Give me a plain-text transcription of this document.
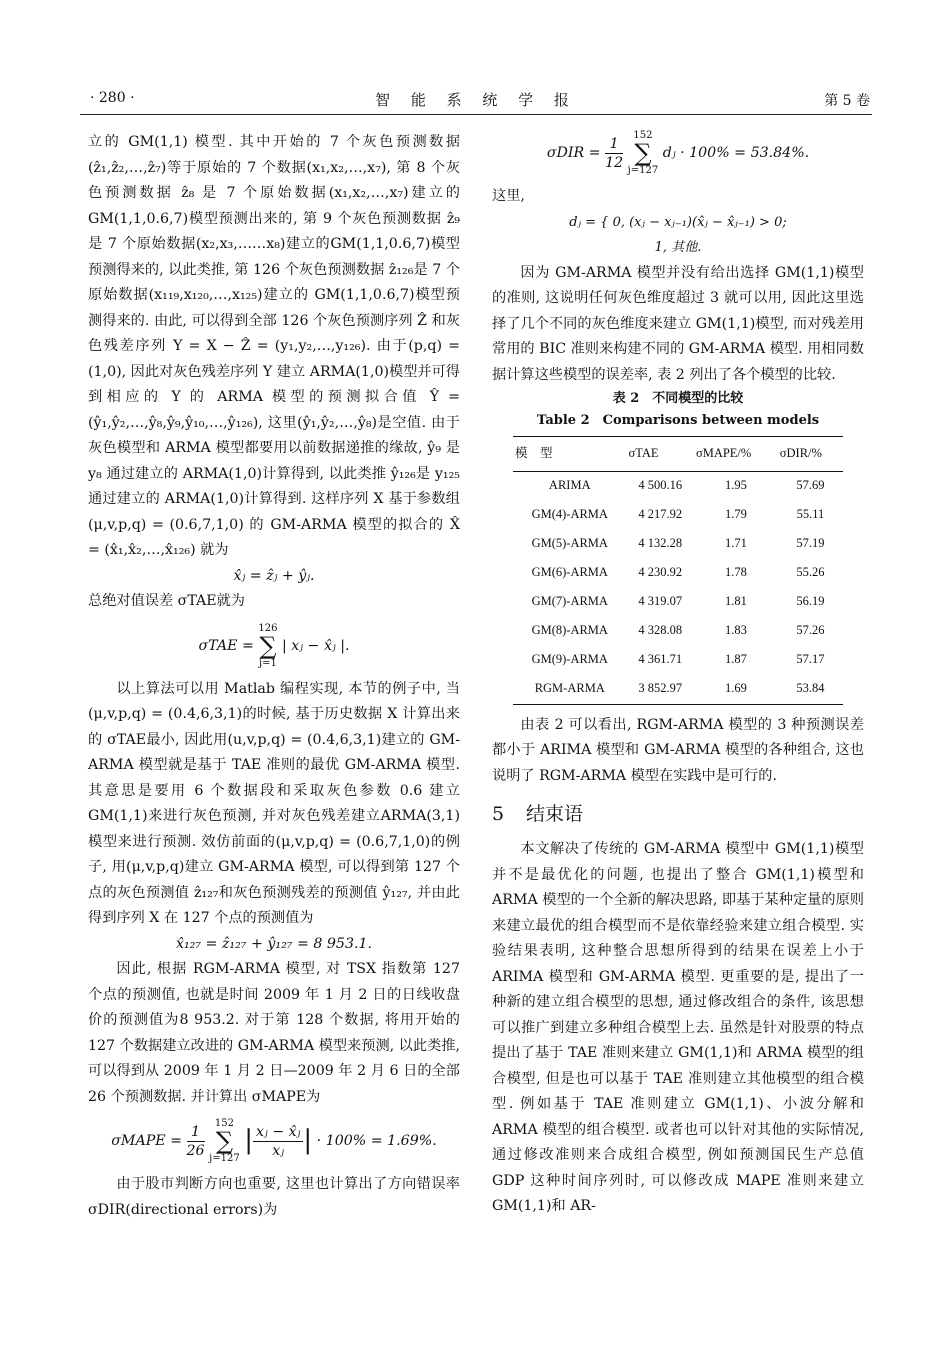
· 280 ·	智 能 系 统 学 报	第 5 卷

立的 GM(1,1) 模型. 其中开始的 7 个灰色预测数据(ẑ₁,ẑ₂,…,ẑ₇)等于原始的 7 个数据(x₁,x₂,…,x₇), 第 8 个灰色预测数据 ẑ₈ 是 7 个原始数据(x₁,x₂,…,x₇)建立的GM(1,1,0.6,7)模型预测出来的, 第 9 个灰色预测数据 ẑ₉ 是 7 个原始数据(x₂,x₃,……x₈)建立的GM(1,1,0.6,7)模型预测得来的, 以此类推, 第 126 个灰色预测数据 ẑ₁₂₆是 7 个原始数据(x₁₁₉,x₁₂₀,…,x₁₂₅)建立的 GM(1,1,0.6,7)模型预测得来的. 由此, 可以得到全部 126 个灰色预测序列 Ẑ 和灰色残差序列 Y = X − Ẑ = (y₁,y₂,…,y₁₂₆). 由于(p,q) = (1,0), 因此对灰色残差序列 Y 建立 ARMA(1,0)模型并可得到相应的 Y 的 ARMA 模型的预测拟合值 Ŷ = (ŷ₁,ŷ₂,…,ŷ₈,ŷ₉,ŷ₁₀,…,ŷ₁₂₆), 这里(ŷ₁,ŷ₂,…,ŷ₈)是空值. 由于灰色模型和 ARMA 模型都要用以前数据递推的缘故, ŷ₉ 是 y₈ 通过建立的 ARMA(1,0)计算得到, 以此类推 ŷ₁₂₆是 y₁₂₅通过建立的 ARMA(1,0)计算得到. 这样序列 X 基于参数组(μ,v,p,q) = (0.6,7,1,0) 的 GM-ARMA 模型的拟合的 X̂ = (x̂₁,x̂₂,…,x̂₁₂₆) 就为

x̂ⱼ = ẑⱼ + ŷⱼ.

总绝对值误差 σTAE就为

σTAE = 126
∑
j=1 | xⱼ − x̂ⱼ |.

以上算法可以用 Matlab 编程实现, 本节的例子中, 当(μ,v,p,q) = (0.4,6,3,1)的时候, 基于历史数据 X 计算出来的 σTAE最小, 因此用(u,v,p,q) = (0.4,6,3,1)建立的 GM-ARMA 模型就是基于 TAE 准则的最优 GM-ARMA 模型. 其意思是要用 6 个数据段和采取灰色参数 0.6 建立GM(1,1)来进行灰色预测, 并对灰色残差建立ARMA(3,1)模型来进行预测. 效仿前面的(μ,v,p,q) = (0.6,7,1,0)的例子, 用(μ,v,p,q)建立 GM-ARMA 模型, 可以得到第 127 个点的灰色预测值 ẑ₁₂₇和灰色预测残差的预测值 ŷ₁₂₇, 并由此得到序列 X 在 127 个点的预测值为

x̂₁₂₇ = ẑ₁₂₇ + ŷ₁₂₇ = 8 953.1.

因此, 根据 RGM-ARMA 模型, 对 TSX 指数第 127 个点的预测值, 也就是时间 2009 年 1 月 2 日的日线收盘价的预测值为8 953.2. 对于第 128 个数据, 将用开始的 127 个数据建立改进的 GM-ARMA 模型来预测, 以此类推, 可以得到从 2009 年 1 月 2 日—2009 年 2 月 6 日的全部 26 个预测数据. 并计算出 σMAPE为

σMAPE = $\frac{1}{26} 152$
∑
j=127 | $\frac{\text{xⱼ − x̂ⱼ}}{\text{xⱼ}}$ | · 100% = 1.69%.

由于股市判断方向也重要, 这里也计算出了方向错误率 σDIR(directional errors)为

$\sigma DIR = \frac{1}{12} 152$
∑
j=127 dⱼ · 100% = 53.84%.

这里,

dⱼ = { 0, (xⱼ − xⱼ₋₁)(x̂ⱼ − x̂ⱼ₋₁) > 0;

1, 其他.

因为 GM-ARMA 模型并没有给出选择 GM(1,1)模型的准则, 这说明任何灰色维度超过 3 就可以用, 因此这里选择了几个不同的灰色维度来建立 GM(1,1)模型, 而对残差用常用的 BIC 准则来构建不同的 GM-ARMA 模型. 用相同数据计算这些模型的误差率, 表 2 列出了各个模型的比较.

表 2　不同模型的比较
Table 2　Comparisons between models
模　型	σTAE	σMAPE/%	σDIR/%
ARIMA	4 500.16	1.95	57.69
GM(4)-ARMA	4 217.92	1.79	55.11
GM(5)-ARMA	4 132.28	1.71	57.19
GM(6)-ARMA	4 230.92	1.78	55.26
GM(7)-ARMA	4 319.07	1.81	56.19
GM(8)-ARMA	4 328.08	1.83	57.26
GM(9)-ARMA	4 361.71	1.87	57.17
RGM-ARMA	3 852.97	1.69	53.84

由表 2 可以看出, RGM-ARMA 模型的 3 种预测误差都小于 ARIMA 模型和 GM-ARMA 模型的各种组合, 这也说明了 RGM-ARMA 模型在实践中是可行的.

5 结束语

本文解决了传统的 GM-ARMA 模型中 GM(1,1)模型并不是最优化的问题, 也提出了整合 GM(1,1)模型和 ARMA 模型的一个全新的解决思路, 即基于某种定量的原则来建立最优的组合模型而不是依靠经验来建立组合模型. 实验结果表明, 这种整合思想所得到的结果在误差上小于 ARIMA 模型和 GM-ARMA 模型. 更重要的是, 提出了一种新的建立组合模型的思想, 通过修改组合的条件, 该思想可以推广到建立多种组合模型上去. 虽然是针对股票的特点提出了基于 TAE 准则来建立 GM(1,1)和 ARMA 模型的组合模型, 但是也可以基于 TAE 准则建立其他模型的组合模型. 例如基于 TAE 准则建立 GM(1,1)、小波分解和 ARMA 模型的组合模型. 或者也可以针对其他的实际情况, 通过修改准则来合成组合模型, 例如预测国民生产总值 GDP 这种时间序列时, 可以修改成 MAPE 准则来建立 GM(1,1)和 AR-
